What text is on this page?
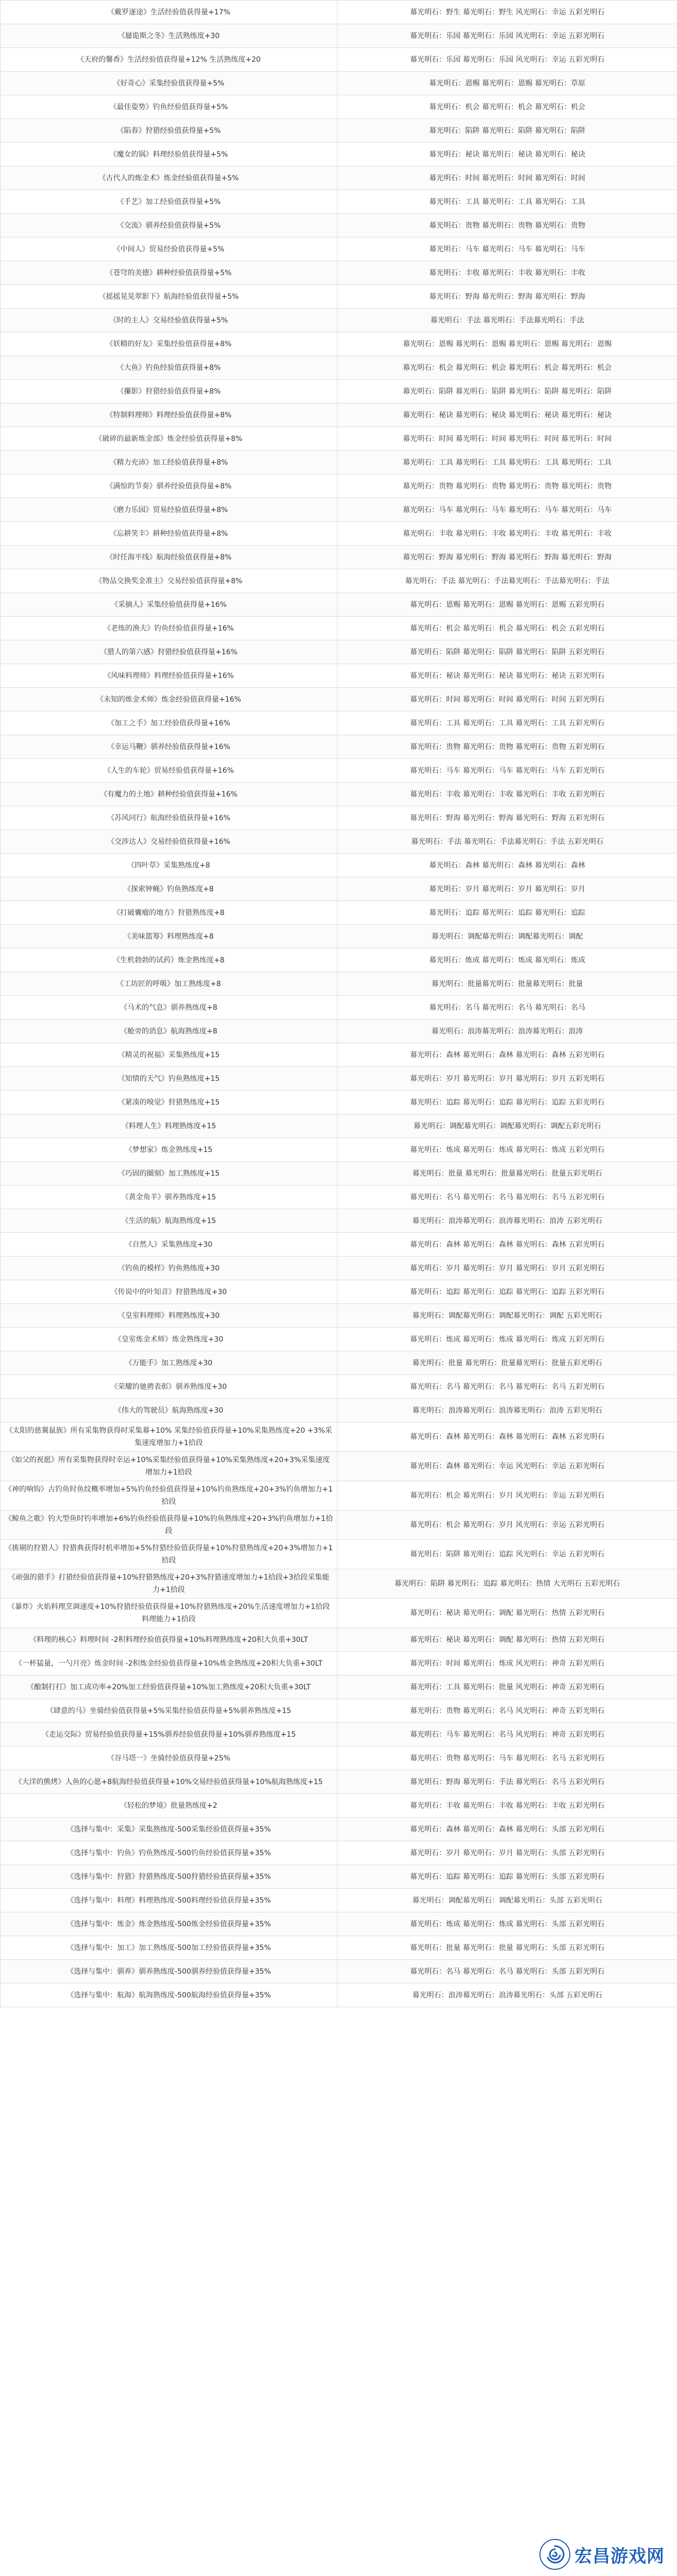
《戴罗逐途》生活经验值获得量+17%	幕光明石：野生 幕光明石：野生 风光明石：幸运 五彩光明石
《蜃诡斯之冬》生活熟练度+30	幕光明石：乐园 幕光明石：乐园 风光明石：幸运 五彩光明石
《天府的馨香》生活经验值获得量+12% 生活熟练度+20	幕光明石：乐园 幕光明石：乐园 风光明石：幸运 五彩光明石
《好奇心》采集经验值获得量+5%	幕光明石：恩赐 幕光明石：恩赐 幕光明石：草原
《最佳姿势》钓鱼经验值获得量+5%	幕光明石：机会 幕光明石：机会 幕光明石：机会
《陷春》狩猎经验值获得量+5%	幕光明石：陷阱 幕光明石：陷阱 幕光明石：陷阱
《魔女的锅》料理经验值获得量+5%	幕光明石：秘诀 幕光明石：秘诀 幕光明石：秘诀
《古代人的炼金术》炼金经验值获得量+5%	幕光明石：时间 幕光明石：时间 幕光明石：时间
《手艺》加工经验值获得量+5%	幕光明石：工具 幕光明石：工具 幕光明石：工具
《交流》驯养经验值获得量+5%	幕光明石：贵物 幕光明石：贵物 幕光明石：贵物
《中间人》贸易经验值获得量+5%	幕光明石：马车 幕光明石：马车 幕光明石：马车
《苍穹的美德》耕种经验值获得量+5%	幕光明石：丰收 幕光明石：丰收 幕光明石：丰收
《摇摇晃晃翠影下》航海经验值获得量+5%	幕光明石：野海 幕光明石：野海 幕光明石：野海
《时的主人》交易经验值获得量+5%	幕光明石：手法 幕光明石：手法幕光明石：手法
《妖精的好友》采集经验值获得量+8%	幕光明石：恩赐 幕光明石：恩赐 幕光明石：恩赐 幕光明石：恩赐
《大鱼》钓鱼经验值获得量+8%	幕光明石：机会 幕光明石：机会 幕光明石：机会 幕光明石：机会
《攥影》狩猎经验值获得量+8%	幕光明石：陷阱 幕光明石：陷阱 幕光明石：陷阱 幕光明石：陷阱
《特制料理师》料理经验值获得量+8%	幕光明石：秘诀 幕光明石：秘诀 幕光明石：秘诀 幕光明石：秘诀
《破碎的最新炼金部》炼金经验值获得量+8%	幕光明石：时间 幕光明石：时间 幕光明石：时间 幕光明石：时间
《精力充沛》加工经验值获得量+8%	幕光明石：工具 幕光明石：工具 幕光明石：工具 幕光明石：工具
《满惊的节奏》驯养经验值获得量+8%	幕光明石：贵物 幕光明石：贵物 幕光明石：贵物 幕光明石：贵物
《磨力乐园》贸易经验值获得量+8%	幕光明石：马车 幕光明石：马车 幕光明石：马车 幕光明石：马车
《忘耕笑丰》耕种经验值获得量+8%	幕光明石：丰收 幕光明石：丰收 幕光明石：丰收 幕光明石：丰收
《时任海平线》航海经验值获得量+8%	幕光明石：野海 幕光明石：野海 幕光明石：野海 幕光明石：野海
《物品交换奖金准主》交易经验值获得量+8%	幕光明石：手法 幕光明石：手法幕光明石：手法幕光明石：手法
《采摘人》采集经验值获得量+16%	幕光明石：恩赐 幕光明石：恩赐 幕光明石：恩赐 五彩光明石
《老练的渔夫》钓鱼经验值获得量+16%	幕光明石：机会 幕光明石：机会 幕光明石：机会 五彩光明石
《猎人的第六感》狩猎经验值获得量+16%	幕光明石：陷阱 幕光明石：陷阱 幕光明石：陷阱 五彩光明石
《风味料理师》料理经验值获得量+16%	幕光明石：秘诀 幕光明石：秘诀 幕光明石：秘诀 五彩光明石
《未知的炼金术师》炼金经验值获得量+16%	幕光明石：时间 幕光明石：时间 幕光明石：时间 五彩光明石
《加工之手》加工经验值获得量+16%	幕光明石：工具 幕光明石：工具 幕光明石：工具 五彩光明石
《幸运马鞭》驯养经验值获得量+16%	幕光明石：贵物 幕光明石：贵物 幕光明石：贵物 五彩光明石
《人生的车轮》贸易经验值获得量+16%	幕光明石：马车 幕光明石：马车 幕光明石：马车 五彩光明石
《有魔力的土地》耕种经验值获得量+16%	幕光明石：丰收 幕光明石：丰收 幕光明石：丰收 五彩光明石
《苏风同行》航海经验值获得量+16%	幕光明石：野海 幕光明石：野海 幕光明石：野海 五彩光明石
《交涉达人》交易经验值获得量+16%	幕光明石：手法 幕光明石：手法幕光明石：手法 五彩光明石
《四叶草》采集熟练度+8	幕光明石：森林 幕光明石：森林 幕光明石：森林
《探索钟蝇》钓鱼熟练度+8	幕光明石：岁月 幕光明石：岁月 幕光明石：岁月
《打破囊瘤的地方》狩猎熟练度+8	幕光明石：追踪 幕光明石：追踪 幕光明石：追踪
《美味篮筹》料理熟练度+8	幕光明石：调配幕光明石：调配幕光明石：调配
《生机勃勃的试药》炼金熟练度+8	幕光明石：炼成 幕光明石：炼成 幕光明石：炼成
《工坊匠的呼吸》加工熟练度+8	幕光明石：批量幕光明石：批量幕光明石：批量
《马术的气息》驯养熟练度+8	幕光明石：名马 幕光明石：名马 幕光明石：名马
《舱旁的消息》航海熟练度+8	幕光明石：浪涛幕光明石：浪涛幕光明石：浪涛
《精灵的祝福》采集熟练度+15	幕光明石：森林 幕光明石：森林 幕光明石：森林 五彩光明石
《知情的天气》钓鱼熟练度+15	幕光明石：岁月 幕光明石：岁月 幕光明石：岁月 五彩光明石
《紧凑的嗅觉》狩猎熟练度+15	幕光明石：追踪 幕光明石：追踪 幕光明石：追踪 五彩光明石
《料理人生》料理熟练度+15	幕光明石：调配幕光明石：调配幕光明石：调配五彩光明石
《梦想家》炼金熟练度+15	幕光明石：炼成 幕光明石：炼成 幕光明石：炼成 五彩光明石
《巧固的圈刻》加工熟练度+15	幕光明石：批量 幕光明石：批量幕光明石：批量五彩光明石
《黄金角羊》驯养熟练度+15	幕光明石：名马 幕光明石：名马 幕光明石：名马 五彩光明石
《生活的航》航海熟练度+15	幕光明石：浪涛幕光明石：浪涛幕光明石：浪涛 五彩光明石
《自然人》采集熟练度+30	幕光明石：森林 幕光明石：森林 幕光明石：森林 五彩光明石
《钓鱼的模样》钓鱼熟练度+30	幕光明石：岁月 幕光明石：岁月 幕光明石：岁月 五彩光明石
《传说中的叶知音》狩猎熟练度+30	幕光明石：追踪 幕光明石：追踪 幕光明石：追踪 五彩光明石
《皇室料理师》料理熟练度+30	幕光明石：调配幕光明石：调配幕光明石：调配 五彩光明石
《皇室炼金术师》炼金熟练度+30	幕光明石：炼成 幕光明石：炼成 幕光明石：炼成 五彩光明石
《万能手》加工熟练度+30	幕光明石：批量 幕光明石：批量幕光明石：批量五彩光明石
《荣耀的驰骋表彰》驯养熟练度+30	幕光明石：名马 幕光明石：名马 幕光明石：名马 五彩光明石
《伟大的驾驶员》航海熟练度+30	幕光明石：浪涛幕光明石：浪涛幕光明石：浪涛 五彩光明石
《太阳的慈翼鼠族》所有采集物获得时采集幕+10% 采集经验值获得量+10%采集熟练度+20 +3%采集速度增加力+1拾段	幕光明石：森林 幕光明石：森林 幕光明石：森林 五彩光明石
《如父的祝愿》所有采集物获得时幸运+10%采集经验值获得量+10%采集熟练度+20+3%采集速度增加力+1拾段	幕光明石：森林 幕光明石：幸运 风光明石：幸运 五彩光明石
《神的响钩》古钓鱼时鱼纹概率增加+5%钓鱼经验值获得量+10%钓鱼熟练度+20+3%钓鱼增加力+1拾段	幕光明石：机会 幕光明石：岁月 风光明石：幸运 五彩光明石
《鲸鱼之歌》钓大型鱼时钓率增加+6%钓鱼经验值获得量+10%钓鱼熟练度+20+3%钓鱼增加力+1拾段	幕光明石：机会 幕光明石：岁月 风光明石：幸运 五彩光明石
《挑剔的狩猎人》狩猎典获得时机率增加+5%狩猎经验值获得量+10%狩猎熟练度+20+3%增加力+1拾段	幕光明石：陷阱 幕光明石：追踪 风光明石：幸运 五彩光明石
《顽强的猎手》打猎经验值获得量+10%狩猎熟练度+20+3%狩猎速度增加力+1拾段+3拾段采集能力+1拾段	幕光明石：陷阱 幕光明石：追踪 幕光明石：热情 大光明石 五彩光明石
《暴炸》火焰料理烹调速度+10%狩猎经验值获得量+10%狩猎熟练度+20%生活速度增加力+1拾段料理能力+1拾段	幕光明石：秘诀 幕光明石：调配 幕光明石：热情 五彩光明石
《料理的核心》料理时间 -2积料理经验值获得量+10%料理熟练度+20积大负重+30LT	幕光明石：秘诀 幕光明石：调配 幕光明石：热情 五彩光明石
《一杯猛量，一勺月亮》炼金时间 -2积炼金经验值获得量+10%炼金熟练度+20积大负重+30LT	幕光明石：时间 幕光明石：炼成 风光明石：神奇 五彩光明石
《酿制打打》加工成功率+20%加工经验值获得量+10%加工熟练度+20积大负重+30LT	幕光明石：工具 幕光明石：批量 风光明石：神奇 五彩光明石
《肆意的马》坐骑经验值获得量+5%采集经验值获得量+5%驯养熟练度+15	幕光明石：贵物 幕光明石：名马 风光明石：神奇 五彩光明石
《走运交际》贸易经验值获得量+15%驯养经验值获得量+10%驯养熟练度+15	幕光明石：马车 幕光明石：名马 风光明石：神奇 五彩光明石
《谷马塔一》坐骑经验值获得量+25%	幕光明石：贵物 幕光明石：马车 幕光明石：名马 五彩光明石
《大洋的熊烤》人鱼的心愿+8航海经验值获得量+10%交易经验值获得量+10%航海熟练度+15	幕光明石：野海 幕光明石：手法 幕光明石：名马 五彩光明石
《轻松的梦境》批量熟练度+2	幕光明石：丰收 幕光明石：丰收 幕光明石：丰收 五彩光明石
《选择与集中：采集》采集熟练度-500采集经验值获得量+35%	幕光明石：森林 幕光明石：森林 幕光明石：头部 五彩光明石
《选择与集中：钓鱼》钓鱼熟练度-500钓鱼经验值获得量+35%	幕光明石：岁月 幕光明石：岁月 幕光明石：头部 五彩光明石
《选择与集中：狩猎》狩猎熟练度-500狩猎经验值获得量+35%	幕光明石：追踪 幕光明石：追踪 幕光明石：头部 五彩光明石
《选择与集中：料理》料理熟练度-500料理经验值获得量+35%	幕光明石：调配幕光明石：调配幕光明石：头部 五彩光明石
《选择与集中：炼金》炼金熟练度-500炼金经验值获得量+35%	幕光明石：炼成 幕光明石：炼成 幕光明石：头部 五彩光明石
《选择与集中：加工》加工熟练度-500加工经验值获得量+35%	幕光明石：批量 幕光明石：批量 幕光明石：头部 五彩光明石
《选择与集中：驯养》驯养熟练度-500驯养经验值获得量+35%	幕光明石：名马 幕光明石：名马 幕光明石：头部 五彩光明石
《选择与集中：航海》航海熟练度-500航海经验值获得量+35%	幕光明石：浪涛幕光明石：浪涛幕光明石：头部 五彩光明石
宏昌游戏网
